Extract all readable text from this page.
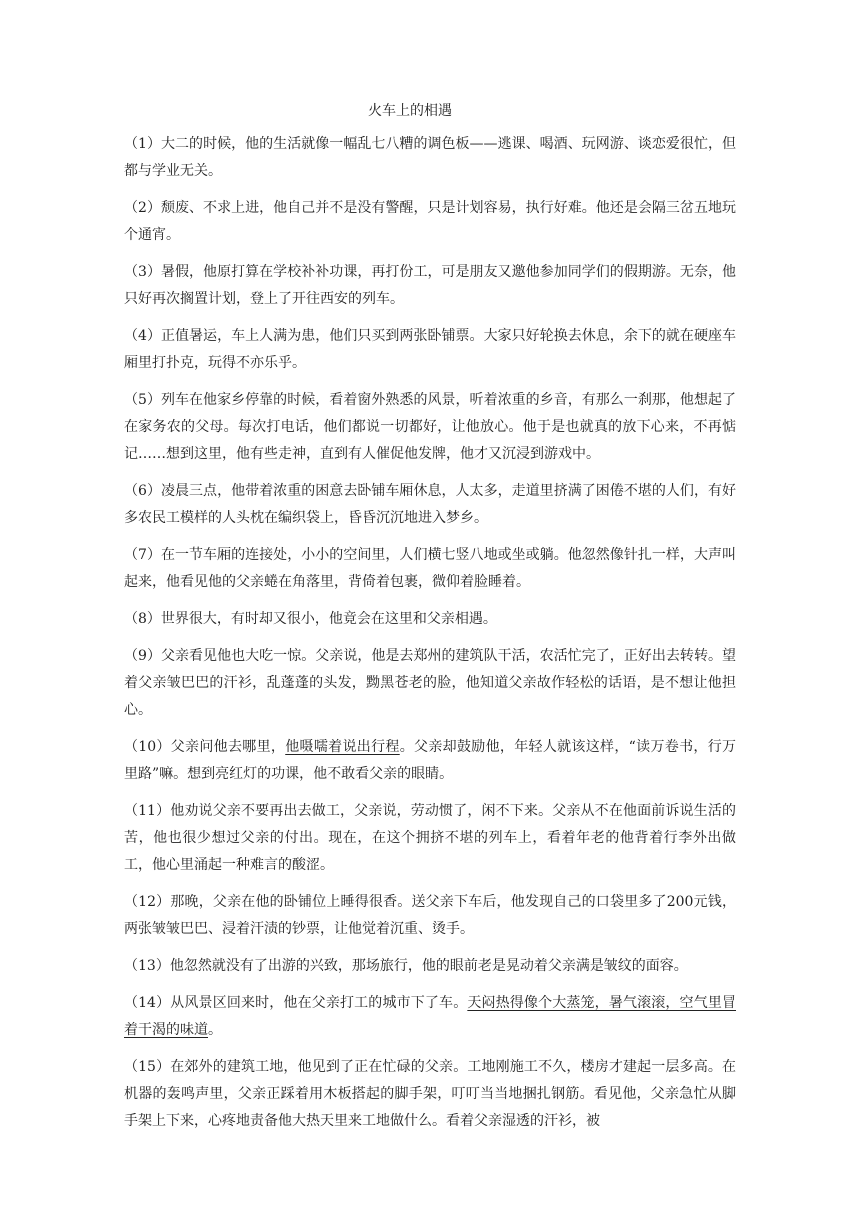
火车上的相遇

（1）大二的时候，他的生活就像一幅乱七八糟的调色板——逃课、喝酒、玩网游、谈恋爱很忙，但都与学业无关。

（2）颓废、不求上进，他自己并不是没有警醒，只是计划容易，执行好难。他还是会隔三岔五地玩个通宵。

（3）暑假，他原打算在学校补补功课，再打份工，可是朋友又邀他参加同学们的假期游。无奈，他只好再次搁置计划，登上了开往西安的列车。

（4）正值暑运，车上人满为患，他们只买到两张卧铺票。大家只好轮换去休息，余下的就在硬座车厢里打扑克，玩得不亦乐乎。

（5）列车在他家乡停靠的时候，看着窗外熟悉的风景，听着浓重的乡音，有那么一刹那，他想起了在家务农的父母。每次打电话，他们都说一切都好，让他放心。他于是也就真的放下心来，不再惦记……想到这里，他有些走神，直到有人催促他发牌，他才又沉浸到游戏中。

（6）凌晨三点，他带着浓重的困意去卧铺车厢休息，人太多，走道里挤满了困倦不堪的人们，有好多农民工模样的人头枕在编织袋上，昏昏沉沉地进入梦乡。

（7）在一节车厢的连接处，小小的空间里，人们横七竖八地或坐或躺。他忽然像针扎一样，大声叫起来，他看见他的父亲蜷在角落里，背倚着包裹，微仰着脸睡着。

（8）世界很大，有时却又很小，他竟会在这里和父亲相遇。

（9）父亲看见他也大吃一惊。父亲说，他是去郑州的建筑队干活，农活忙完了，正好出去转转。望着父亲皱巴巴的汗衫，乱蓬蓬的头发，黝黑苍老的脸，他知道父亲故作轻松的话语，是不想让他担心。

（10）父亲问他去哪里，他嗫嚅着说出行程。父亲却鼓励他，年轻人就该这样，“读万卷书，行万里路”嘛。想到亮红灯的功课，他不敢看父亲的眼睛。

（11）他劝说父亲不要再出去做工，父亲说，劳动惯了，闲不下来。父亲从不在他面前诉说生活的苦，他也很少想过父亲的付出。现在，在这个拥挤不堪的列车上，看着年老的他背着行李外出做工，他心里涌起一种难言的酸涩。

（12）那晚，父亲在他的卧铺位上睡得很香。送父亲下车后，他发现自己的口袋里多了200元钱，两张皱皱巴巴、浸着汗渍的钞票，让他觉着沉重、烫手。

（13）他忽然就没有了出游的兴致，那场旅行，他的眼前老是晃动着父亲满是皱纹的面容。

（14）从风景区回来时，他在父亲打工的城市下了车。天闷热得像个大蒸笼，暑气滚滚，空气里冒着干渴的味道。

（15）在郊外的建筑工地，他见到了正在忙碌的父亲。工地刚施工不久，楼房才建起一层多高。在机器的轰鸣声里，父亲正踩着用木板搭起的脚手架，叮叮当当地捆扎钢筋。看见他，父亲急忙从脚手架上下来，心疼地责备他大热天里来工地做什么。看着父亲湿透的汗衫，被
